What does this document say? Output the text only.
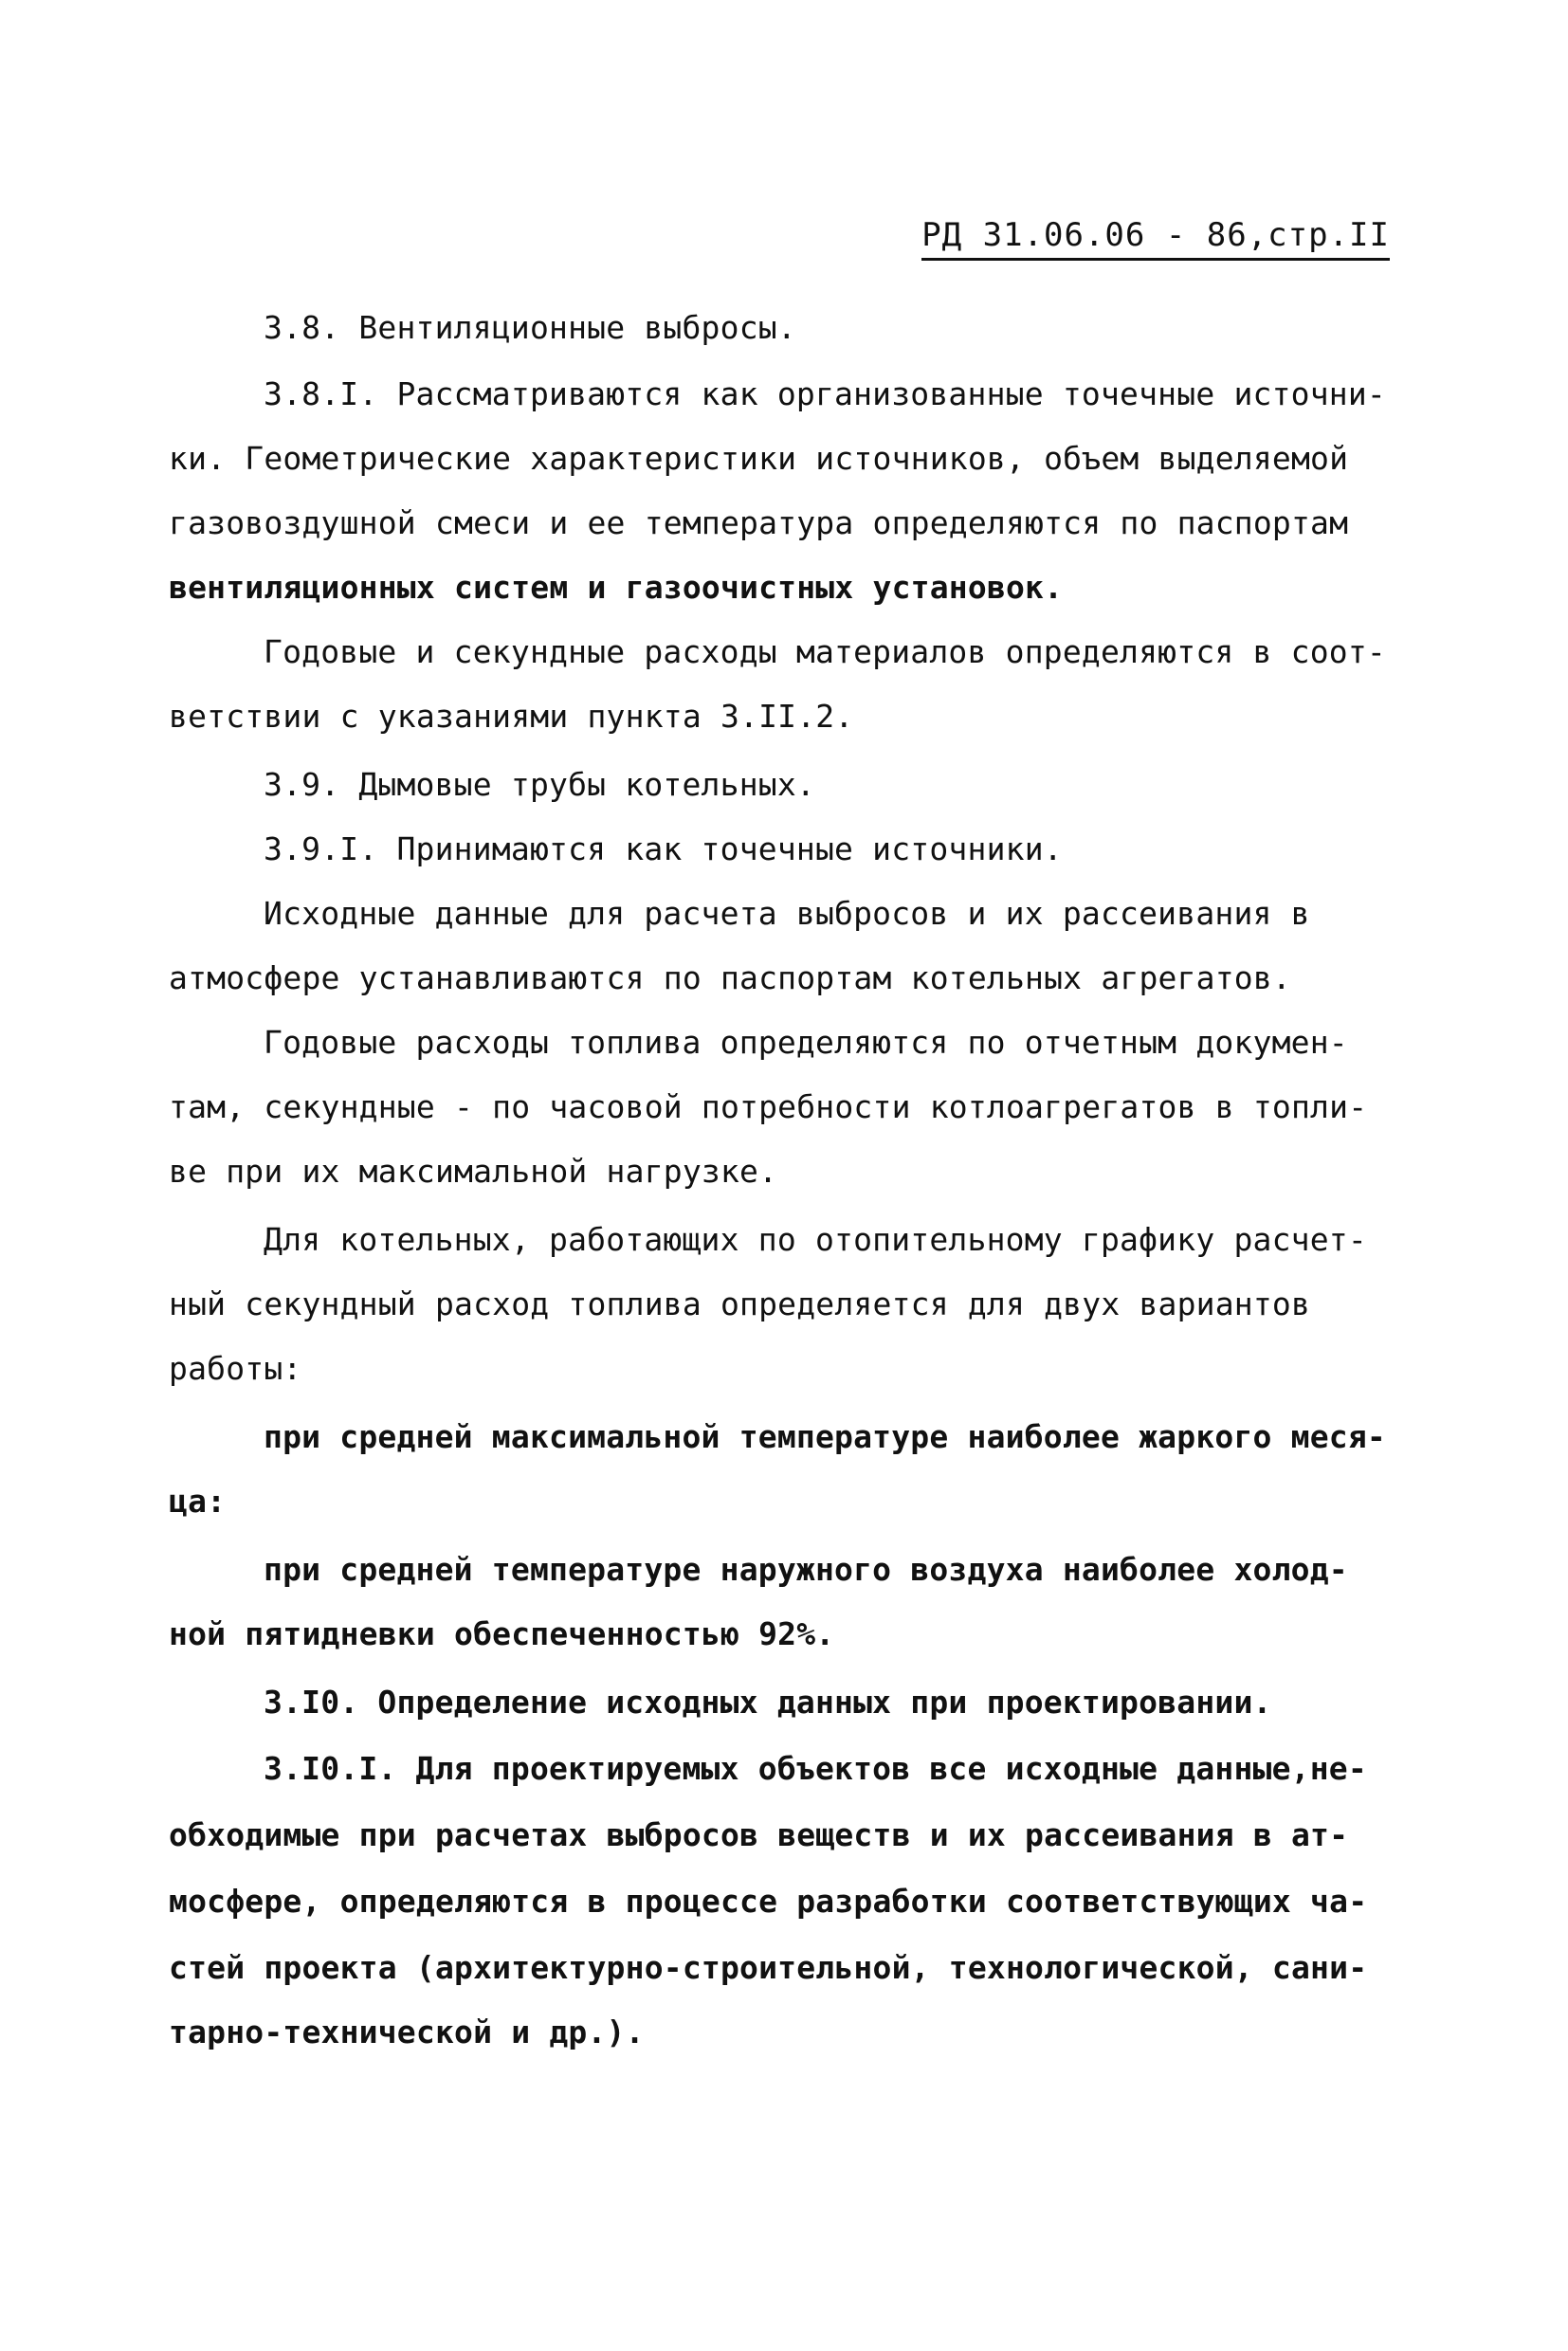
РД 31.06.06 - 86,стр.II
3.8. Вентиляционные выбросы.
3.8.I. Рассматриваются как организованные точечные источни-
ки. Геометрические характеристики источников, объем выделяемой
газовоздушной смеси и ее температура определяются по паспортам
вентиляционных систем и газоочистных установок.
Годовые и секундные расходы материалов определяются в соот-
ветствии с указаниями пункта 3.II.2.
3.9. Дымовые трубы котельных.
3.9.I. Принимаются как точечные источники.
Исходные данные для расчета выбросов и их рассеивания в
атмосфере устанавливаются по паспортам котельных агрегатов.
Годовые расходы топлива определяются по отчетным докумен-
там, секундные - по часовой потребности котлоагрегатов в топли-
ве при их максимальной нагрузке.
Для котельных, работающих по отопительному графику расчет-
ный секундный расход топлива определяется для двух вариантов
работы:
при средней максимальной температуре наиболее жаркого меся-
ца:
при средней температуре наружного воздуха наиболее холод-
ной пятидневки обеспеченностью 92%.
3.I0. Определение исходных данных при проектировании.
3.I0.I. Для проектируемых объектов все исходные данные,не-
обходимые при расчетах выбросов веществ и их рассеивания в ат-
мосфере, определяются в процессе разработки соответствующих ча-
стей проекта (архитектурно-строительной, технологической, сани-
тарно-технической и др.).
